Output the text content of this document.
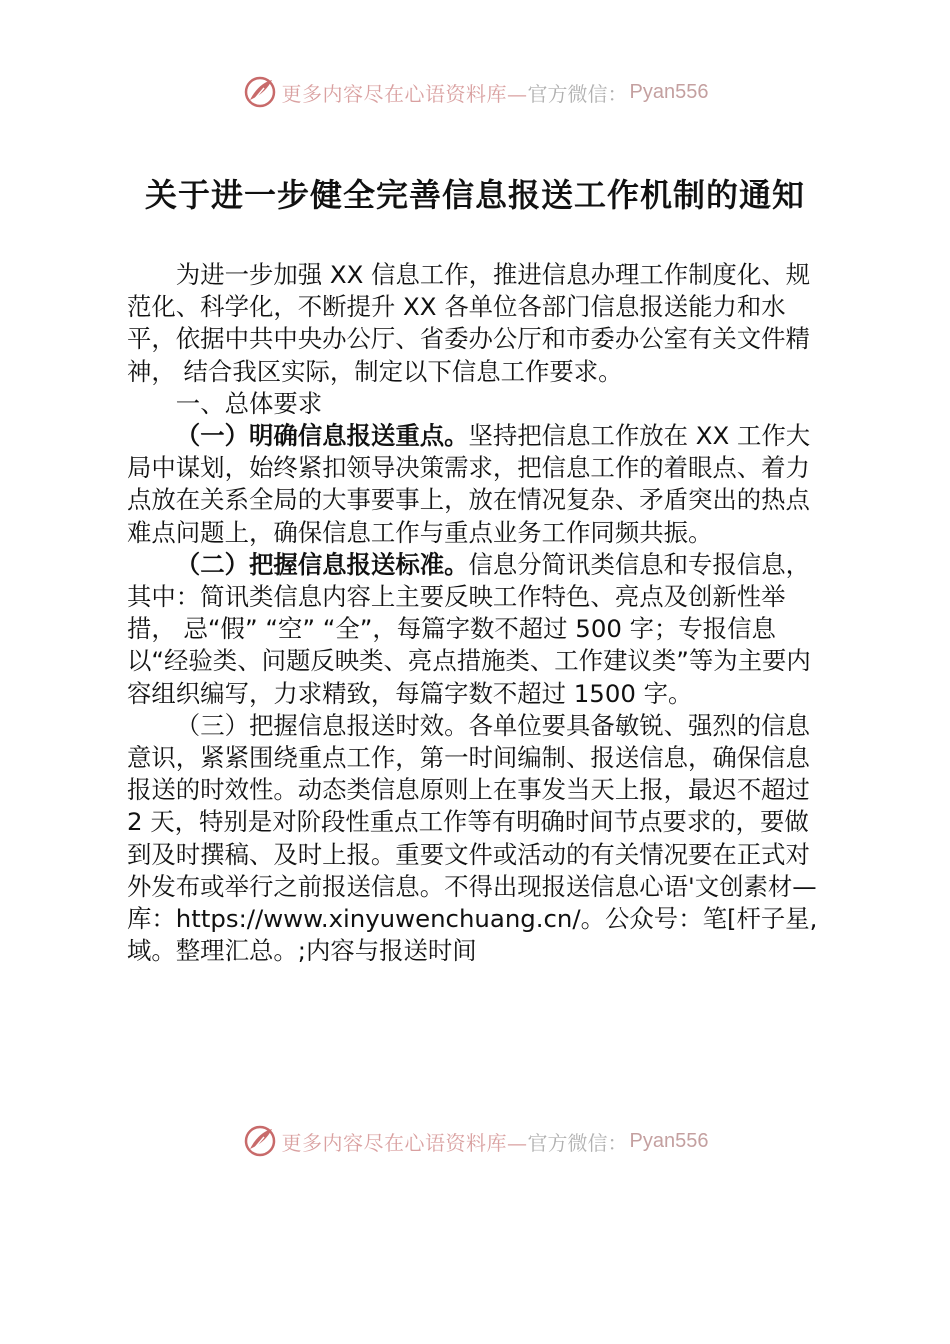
更多内容尽在心语资料库— 官方微信： Pyan556
关于进一步健全完善信息报送工作机制的通知

为进一步加强 XX 信息工作，推进信息办理工作制度化、规范化、科学化，不断提升 XX 各单位各部门信息报送能力和水平，依据中共中央办公厅、省委办公厅和市委办公室有关文件精神， 结合我区实际，制定以下信息工作要求。

一、总体要求

（一）明确信息报送重点。坚持把信息工作放在 XX 工作大局中谋划，始终紧扣领导决策需求，把信息工作的着眼点、着力点放在关系全局的大事要事上，放在情况复杂、矛盾突出的热点 难点问题上，确保信息工作与重点业务工作同频共振。

（二）把握信息报送标准。信息分简讯类信息和专报信息，其中：简讯类信息内容上主要反映工作特色、亮点及创新性举措， 忌“假” “空” “全”，每篇字数不超过 500 字；专报信息以“经验类、问题反映类、亮点措施类、工作建议类”等为主要内容组织编写，力求精致，每篇字数不超过 1500 字。

（三）把握信息报送时效。各单位要具备敏锐、强烈的信息 意识，紧紧围绕重点工作，第一时间编制、报送信息，确保信息 报送的时效性。动态类信息原则上在事发当天上报，最迟不超过 2 天，特别是对阶段性重点工作等有明确时间节点要求的，要做到及时撰稿、及时上报。重要文件或活动的有关情况要在正式对 外发布或举行之前报送信息。不得出现报送信息心语'文创素材—库：https://www.xinyuwenchuang.cn/。公众号：笔[杆子星,域。整理汇总。;内容与报送时间

更多内容尽在心语资料库— 官方微信： Pyan556
